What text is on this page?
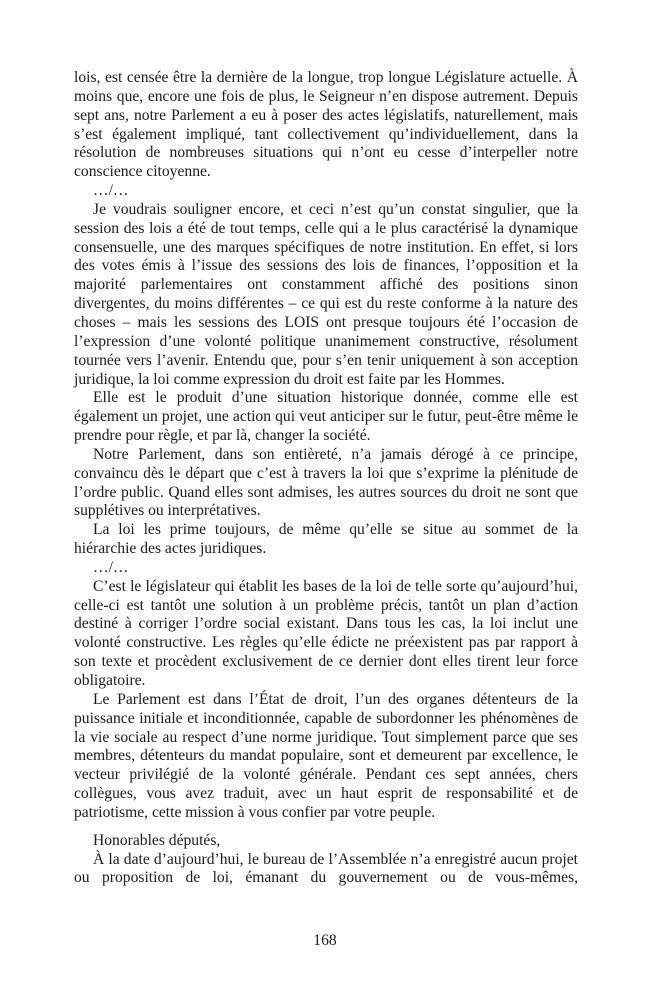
lois, est censée être la dernière de la longue, trop longue Législature actuelle. À moins que, encore une fois de plus, le Seigneur n’en dispose autrement. Depuis sept ans, notre Parlement a eu à poser des actes législatifs, naturellement, mais s’est également impliqué, tant collectivement qu’individuellement, dans la résolution de nombreuses situations qui n’ont eu cesse d’interpeller notre conscience citoyenne.

…/…

Je voudrais souligner encore, et ceci n’est qu’un constat singulier, que la session des lois a été de tout temps, celle qui a le plus caractérisé la dynamique consensuelle, une des marques spécifiques de notre institution. En effet, si lors des votes émis à l’issue des sessions des lois de finances, l’opposition et la majorité parlementaires ont constamment affiché des positions sinon divergentes, du moins différentes – ce qui est du reste conforme à la nature des choses – mais les sessions des LOIS ont presque toujours été l’occasion de l’expression d’une volonté politique unanimement constructive, résolument tournée vers l’avenir. Entendu que, pour s’en tenir uniquement à son acception juridique, la loi comme expression du droit est faite par les Hommes.

Elle est le produit d’une situation historique donnée, comme elle est également un projet, une action qui veut anticiper sur le futur, peut-être même le prendre pour règle, et par là, changer la société.

Notre Parlement, dans son entièreté, n’a jamais dérogé à ce principe, convaincu dès le départ que c’est à travers la loi que s’exprime la plénitude de l’ordre public. Quand elles sont admises, les autres sources du droit ne sont que supplétives ou interprétatives.

La loi les prime toujours, de même qu’elle se situe au sommet de la hiérarchie des actes juridiques.

…/…

C’est le législateur qui établit les bases de la loi de telle sorte qu’aujourd’hui, celle-ci est tantôt une solution à un problème précis, tantôt un plan d’action destiné à corriger l’ordre social existant. Dans tous les cas, la loi inclut une volonté constructive. Les règles qu’elle édicte ne préexistent pas par rapport à son texte et procèdent exclusivement de ce dernier dont elles tirent leur force obligatoire.

Le Parlement est dans l’État de droit, l’un des organes détenteurs de la puissance initiale et inconditionnée, capable de subordonner les phénomènes de la vie sociale au respect d’une norme juridique. Tout simplement parce que ses membres, détenteurs du mandat populaire, sont et demeurent par excellence, le vecteur privilégié de la volonté générale. Pendant ces sept années, chers collègues, vous avez traduit, avec un haut esprit de responsabilité et de patriotisme, cette mission à vous confier par votre peuple.

Honorables députés,

À la date d’aujourd’hui, le bureau de l’Assemblée n’a enregistré aucun projet ou proposition de loi, émanant du gouvernement ou de vous-mêmes,

168
